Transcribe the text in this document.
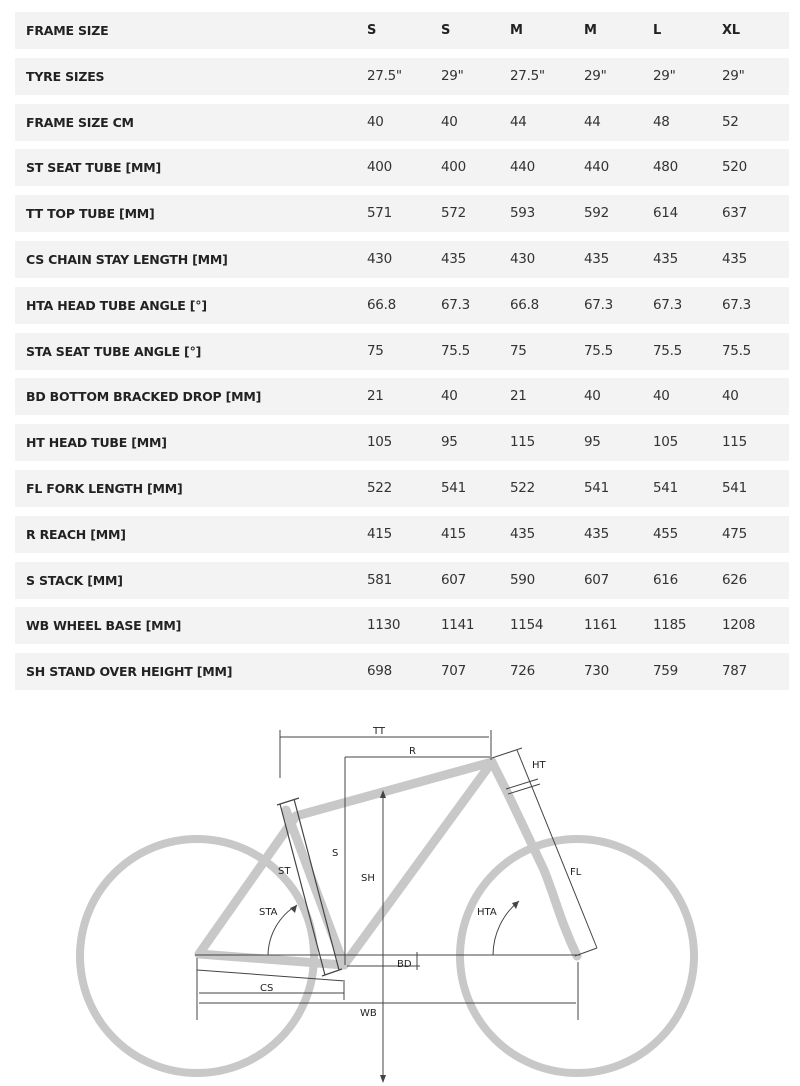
FRAME SIZE	S	S	M	M	L	XL
TYRE SIZES	27.5"	29"	27.5"	29"	29"	29"
FRAME SIZE CM	40	40	44	44	48	52
ST SEAT TUBE [MM]	400	400	440	440	480	520
TT TOP TUBE [MM]	571	572	593	592	614	637
CS CHAIN STAY LENGTH [MM]	430	435	430	435	435	435
HTA HEAD TUBE ANGLE [°]	66.8	67.3	66.8	67.3	67.3	67.3
STA SEAT TUBE ANGLE [°]	75	75.5	75	75.5	75.5	75.5
BD BOTTOM BRACKED DROP [MM]	21	40	21	40	40	40
HT HEAD TUBE [MM]	105	95	115	95	105	115
FL FORK LENGTH [MM]	522	541	522	541	541	541
R REACH [MM]	415	415	435	435	455	475
S STACK [MM]	581	607	590	607	616	626
WB WHEEL BASE [MM]	1130	1141	1154	1161	1185	1208
SH STAND OVER HEIGHT [MM]	698	707	726	730	759	787
TT
R
HT
ST
S
SH
FL
STA	HTA
BD
CS
WB
